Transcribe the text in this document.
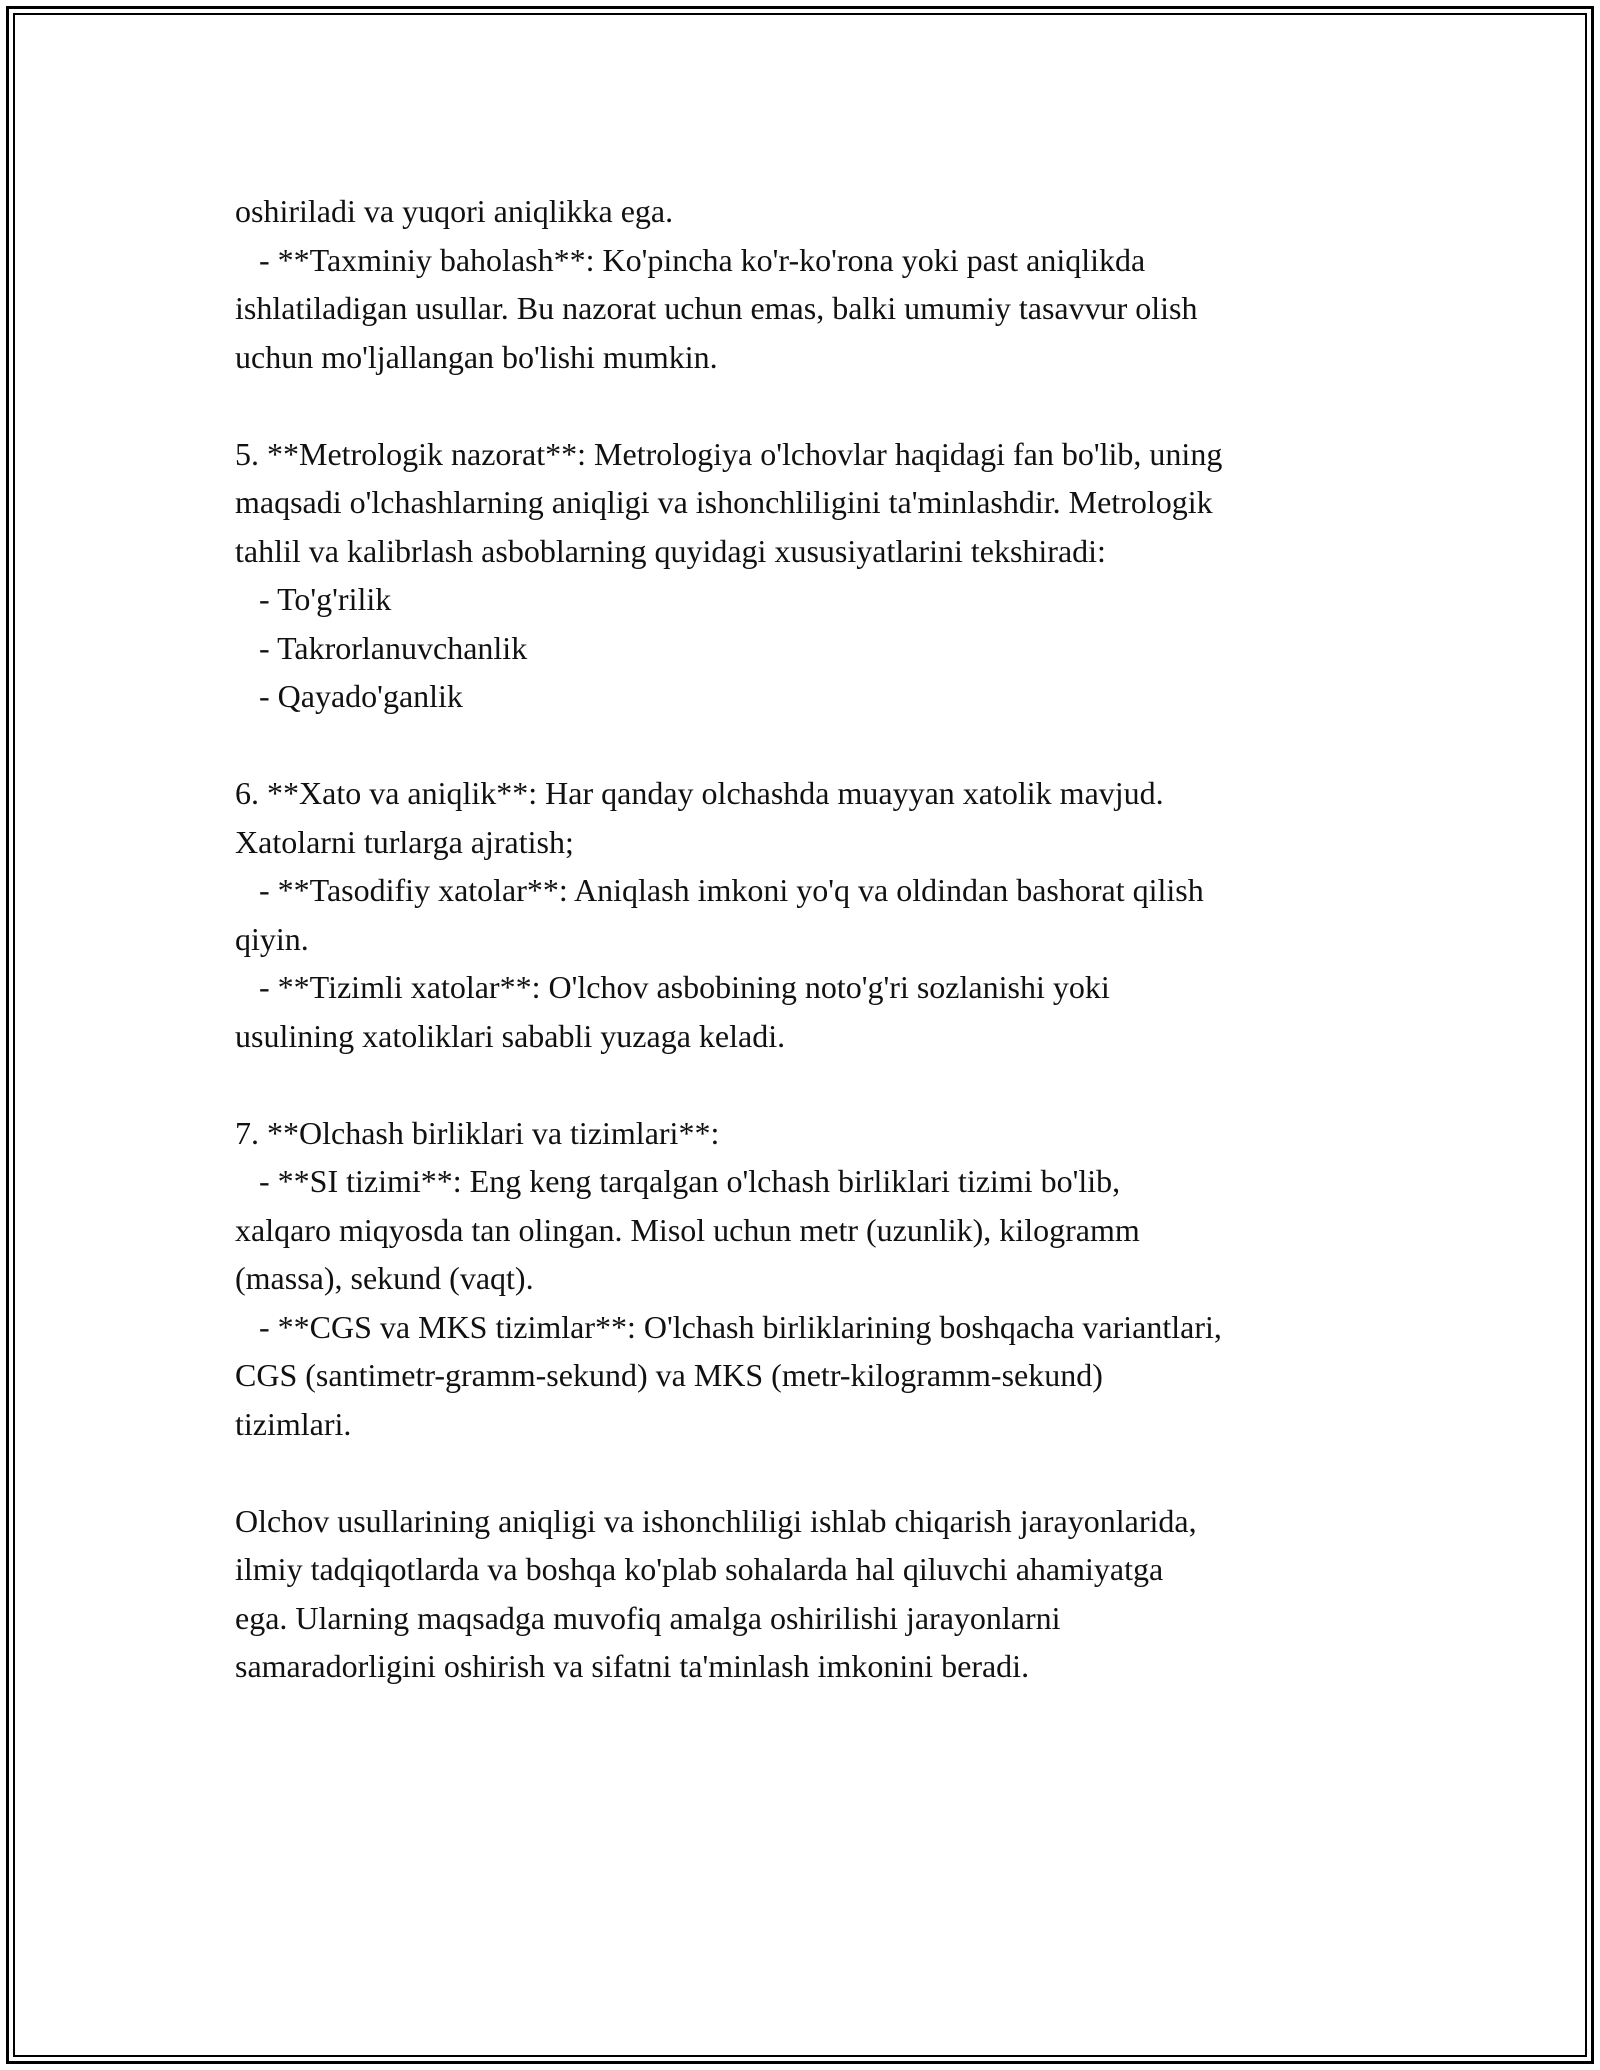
oshiriladi va yuqori aniqlikka ega.
- **Taxminiy baholash**: Ko'pincha ko'r-ko'rona yoki past aniqlikda
ishlatiladigan usullar. Bu nazorat uchun emas, balki umumiy tasavvur olish
uchun mo'ljallangan bo'lishi mumkin.
5. **Metrologik nazorat**: Metrologiya o'lchovlar haqidagi fan bo'lib, uning
maqsadi o'lchashlarning aniqligi va ishonchliligini ta'minlashdir. Metrologik
tahlil va kalibrlash asboblarning quyidagi xususiyatlarini tekshiradi:
- To'g'rilik
- Takrorlanuvchanlik
- Qayado'ganlik
6. **Xato va aniqlik**: Har qanday olchashda muayyan xatolik mavjud.
Xatolarni turlarga ajratish;
- **Tasodifiy xatolar**: Aniqlash imkoni yo'q va oldindan bashorat qilish
qiyin.
- **Tizimli xatolar**: O'lchov asbobining noto'g'ri sozlanishi yoki
usulining xatoliklari sababli yuzaga keladi.
7. **Olchash birliklari va tizimlari**:
- **SI tizimi**: Eng keng tarqalgan o'lchash birliklari tizimi bo'lib,
xalqaro miqyosda tan olingan. Misol uchun metr (uzunlik), kilogramm
(massa), sekund (vaqt).
- **CGS va MKS tizimlar**: O'lchash birliklarining boshqacha variantlari,
CGS (santimetr-gramm-sekund) va MKS (metr-kilogramm-sekund)
tizimlari.
Olchov usullarining aniqligi va ishonchliligi ishlab chiqarish jarayonlarida,
ilmiy tadqiqotlarda va boshqa ko'plab sohalarda hal qiluvchi ahamiyatga
ega. Ularning maqsadga muvofiq amalga oshirilishi jarayonlarni
samaradorligini oshirish va sifatni ta'minlash imkonini beradi.
